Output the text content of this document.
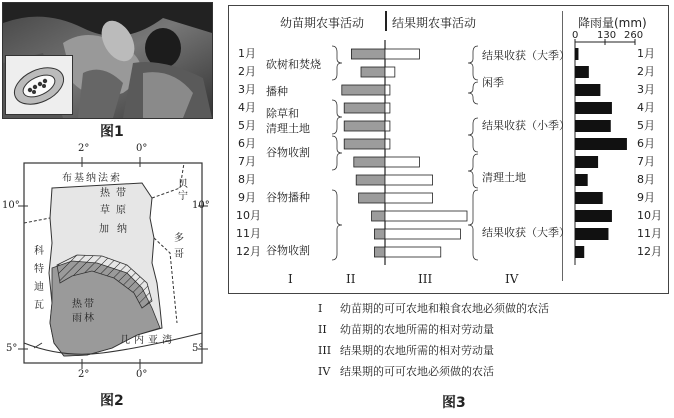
图1
2°	0°
2°	0°
10°	10°
5°	5°
布基纳法索
贝宁
多哥
科特迪瓦
加纳
几内亚湾
热带草原
热带雨林
图2
幼苗期农事活动 结果期农事活动	降雨量(mm)
1月
2月
3月
4月
5月
6月
7月
8月
9月
10月
11月
12月
砍树和焚烧
播种
除草和
清理土地
谷物收割
谷物播种
谷物收割
结果收获（大季）
闲季
结果收获（小季）
清理土地
结果收获（大季）
1月
2月
3月
4月
5月
6月
7月
8月
9月
10月
11月
12月
0 130 260
I	II	III	IV
I 幼苗期的可可农地和粮食农地必须做的农活
II 幼苗期的农地所需的相对劳动量
III 结果期的农地所需的相对劳动量
IV 结果期的可可农地必须做的农活
图3
